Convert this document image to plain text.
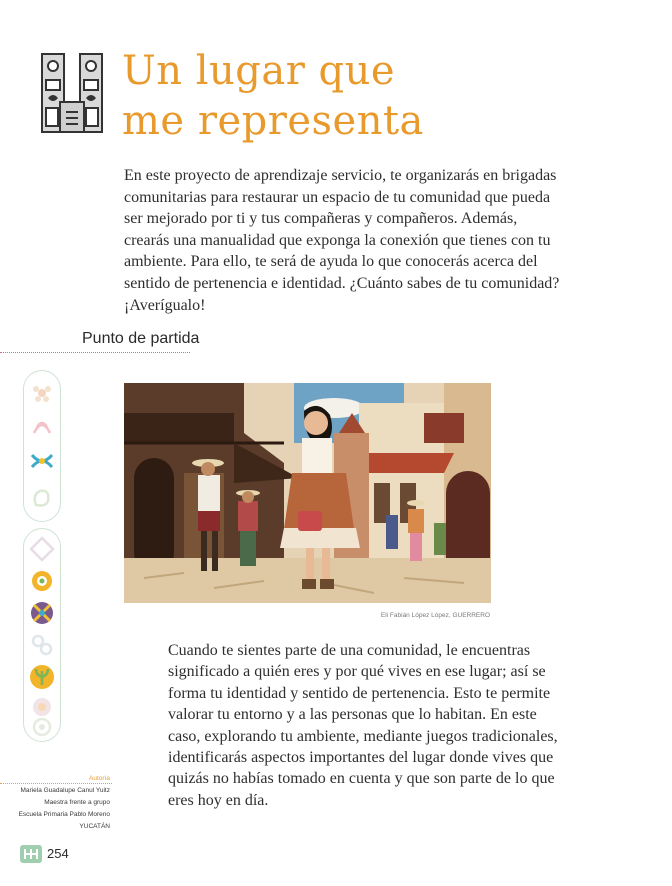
Un lugar que
me representa

En este proyecto de aprendizaje servicio, te organizarás en brigadas comunitarias para restaurar un espacio de tu comunidad que pueda ser mejorado por ti y tus compañeras y compañeros. Además, crearás una manualidad que exponga la conexión que tienes con tu ambiente. Para ello, te será de ayuda lo que conocerás acerca del sentido de pertenencia e identidad. ¿Cuánto sabes de tu comunidad? ¡Averígualo!

Punto de partida

Eli Fabián López López, GUERRERO

Cuando te sientes parte de una comunidad, le encuentras significado a quién eres y por qué vives en ese lugar; así se forma tu identidad y sentido de pertenencia. Esto te permite valorar tu entorno y a las personas que lo habitan. En este caso, explorando tu ambiente, mediante juegos tradicionales, identificarás aspectos importantes del lugar donde vives que quizás no habías tomado en cuenta y que son parte de lo que eres hoy en día.

Autoría
Mariela Guadalupe Canul Yuitz
Maestra frente a grupo
Escuela Primaria Pablo Moreno
YUCATÁN

254
